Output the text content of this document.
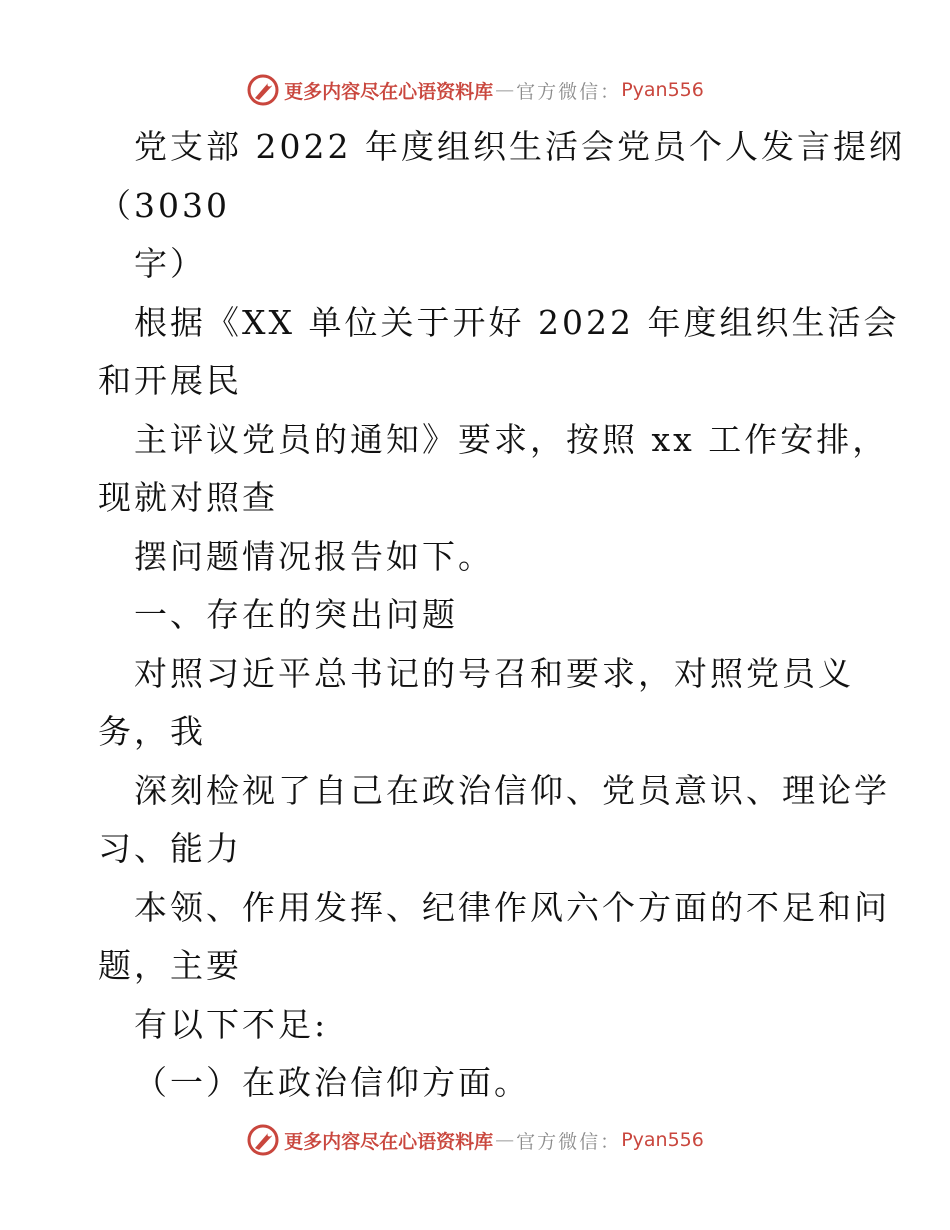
更多内容尽在心语资料库 — 官方微信： Pyan556
党支部 2022 年度组织生活会党员个人发言提纲
（3030
字）
根据《XX 单位关于开好 2022 年度组织生活会
和开展民
主评议党员的通知》要求，按照 xx 工作安排，
现就对照查
摆问题情况报告如下。
一、存在的突出问题
对照习近平总书记的号召和要求，对照党员义
务，我
深刻检视了自己在政治信仰、党员意识、理论学
习、能力
本领、作用发挥、纪律作风六个方面的不足和问
题，主要
有以下不足:
（一）在政治信仰方面。
更多内容尽在心语资料库 — 官方微信： Pyan556
